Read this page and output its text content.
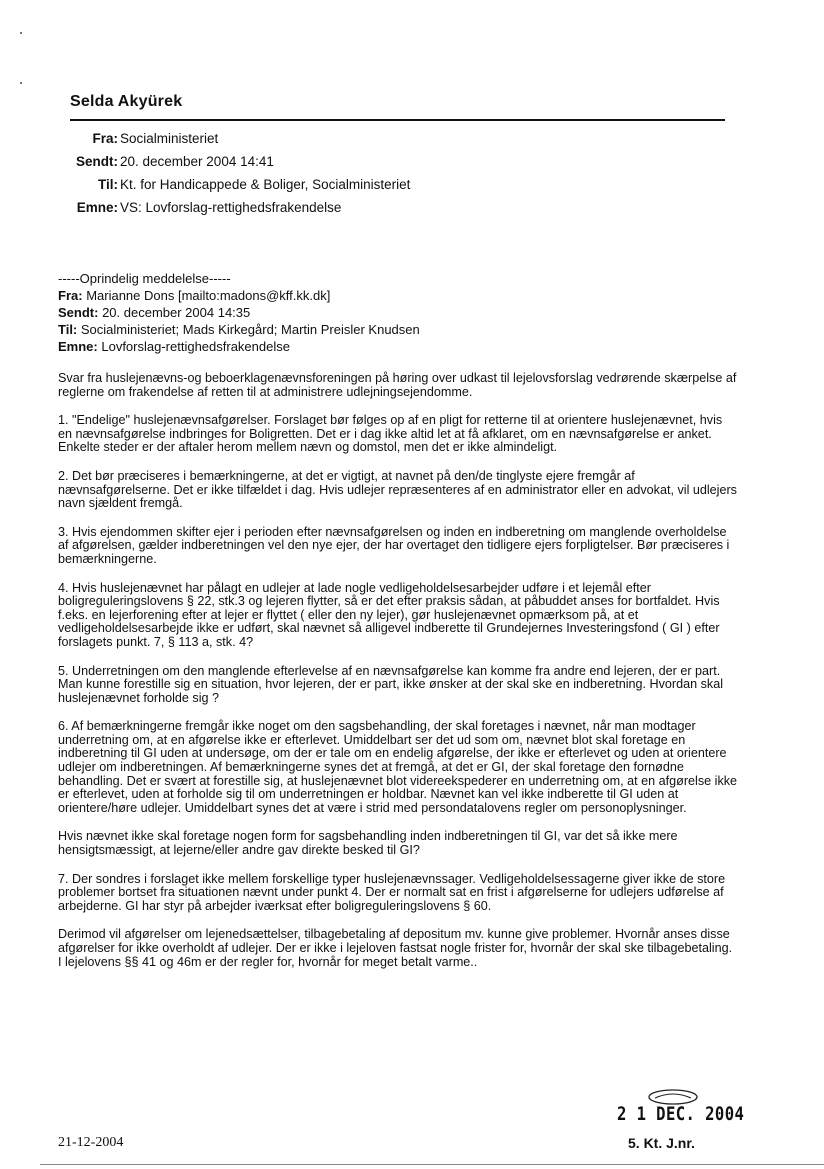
Selda Akyürek
Fra: Socialministeriet
Sendt: 20. december 2004 14:41
Til: Kt. for Handicappede & Boliger, Socialministeriet
Emne: VS: Lovforslag-rettighedsfrakendelse
-----Oprindelig meddelelse-----
Fra: Marianne Dons [mailto:madons@kff.kk.dk]
Sendt: 20. december 2004 14:35
Til: Socialministeriet; Mads Kirkegård; Martin Preisler Knudsen
Emne: Lovforslag-rettighedsfrakendelse

Svar fra huslejenævns-og beboerklagenævnsforeningen på høring over udkast til lejelovsforslag vedrørende skærpelse af reglerne om frakendelse af retten til at administrere udlejningsejendomme.

1. "Endelige" huslejenævnsafgørelser. Forslaget bør følges op af en pligt for retterne til at orientere huslejenævnet, hvis en nævnsafgørelse indbringes for Boligretten. Det er i dag ikke altid let at få afklaret, om en nævnsafgørelse er anket. Enkelte steder er der aftaler herom mellem nævn og domstol, men det er ikke almindeligt.

2. Det bør præciseres i bemærkningerne, at det er vigtigt, at navnet på den/de tinglyste ejere fremgår af nævnsafgørelserne. Det er ikke tilfældet i dag. Hvis udlejer repræsenteres af en administrator eller en advokat, vil udlejers navn sjældent fremgå.

3. Hvis ejendommen skifter ejer i perioden efter nævnsafgørelsen og inden en indberetning om manglende overholdelse af afgørelsen, gælder indberetningen vel den nye ejer, der har overtaget den tidligere ejers forpligtelser. Bør præciseres i bemærkningerne.

4. Hvis huslejenævnet har pålagt en udlejer at lade nogle vedligeholdelsesarbejder udføre i et lejemål efter boligreguleringslovens § 22, stk.3 og lejeren flytter, så er det efter praksis sådan, at påbuddet anses for bortfaldet. Hvis f.eks. en lejerforening efter at lejer er flyttet ( eller den ny lejer), gør huslejenævnet opmærksom på, at et vedligeholdelsesarbejde ikke er udført, skal nævnet så alligevel indberette til Grundejernes Investeringsfond ( GI ) efter forslagets punkt. 7, § 113 a, stk. 4?

5. Underretningen om den manglende efterlevelse af en nævnsafgørelse kan komme fra andre end lejeren, der er part. Man kunne forestille sig en situation, hvor lejeren, der er part, ikke ønsker at der skal ske en indberetning. Hvordan skal huslejenævnet forholde sig ?

6. Af bemærkningerne fremgår ikke noget om den sagsbehandling, der skal foretages i nævnet, når man modtager underretning om, at en afgørelse ikke er efterlevet. Umiddelbart ser det ud som om, nævnet blot skal foretage en indberetning til GI uden at undersøge, om der er tale om en endelig afgørelse, der ikke er efterlevet og uden at orientere udlejer om indberetningen. Af bemærkningerne synes det at fremgå, at det er GI, der skal foretage den fornødne behandling. Det er svært at forestille sig, at huslejenævnet blot videreekspederer en underretning om, at en afgørelse ikke er efterlevet, uden at forholde sig til om underretningen er holdbar. Nævnet kan vel ikke indberette til GI uden at orientere/høre udlejer. Umiddelbart synes det at være i strid med persondatalovens regler om personoplysninger.

Hvis nævnet ikke skal foretage nogen form for sagsbehandling inden indberetningen til GI, var det så ikke mere hensigtsmæssigt, at lejerne/eller andre gav direkte besked til GI?

7. Der sondres i forslaget ikke mellem forskellige typer huslejenævnssager. Vedligeholdelsessagerne giver ikke de store problemer bortset fra situationen nævnt under punkt 4. Der er normalt sat en frist i afgørelserne for udlejers udførelse af arbejderne. GI har styr på arbejder iværksat efter boligreguleringslovens § 60.

Derimod vil afgørelser om lejenedsættelser, tilbagebetaling af depositum mv. kunne give problemer. Hvornår anses disse afgørelser for ikke overholdt af udlejer. Der er ikke i lejeloven fastsat nogle frister for, hvornår der skal ske tilbagebetaling. I lejelovens §§ 41 og 46m er der regler for, hvornår for meget betalt varme..

2 1 DEC. 2004
5. Kt. J.nr.
21-12-2004
